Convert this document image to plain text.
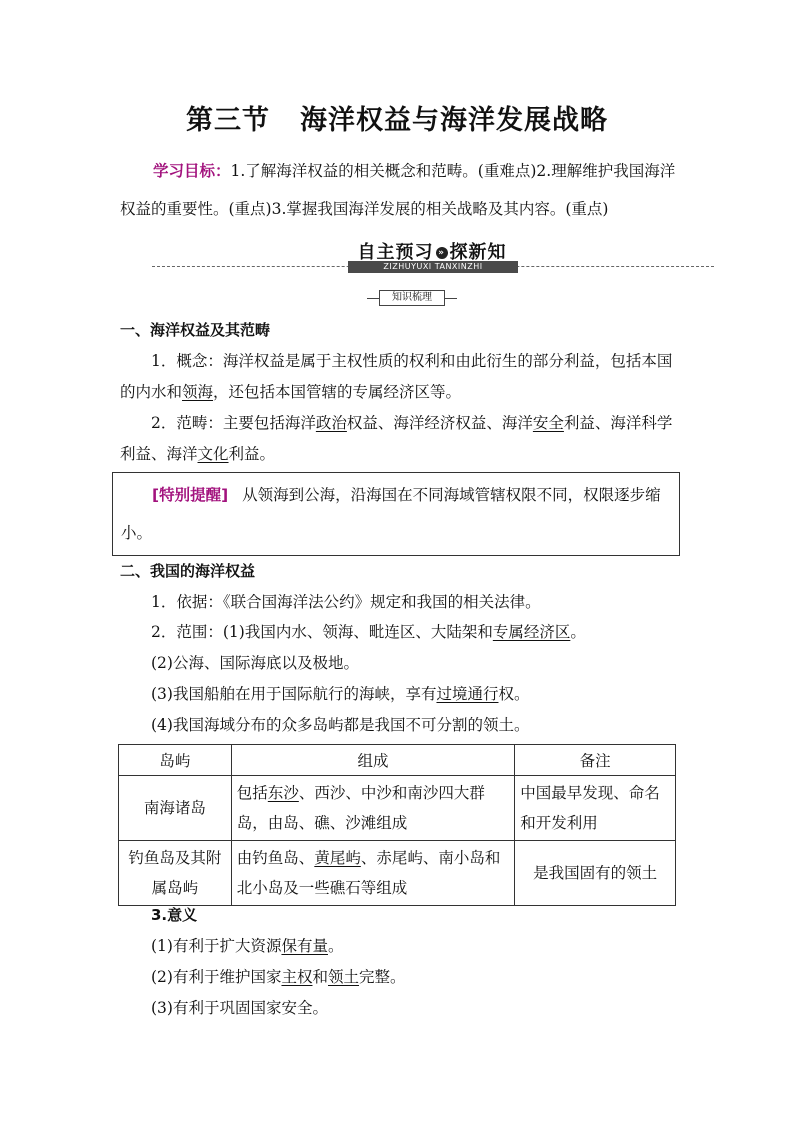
第三节 海洋权益与海洋发展战略
学习目标：1.了解海洋权益的相关概念和范畴。(重难点)2.理解维护我国海洋权益的重要性。(重点)3.掌握我国海洋发展的相关战略及其内容。(重点)
ZIZHUYUXI TANXINZHI
自主预习 » 探新知
知识梳理
一、海洋权益及其范畴
1．概念：海洋权益是属于主权性质的权利和由此衍生的部分利益，包括本国的内水和领海，还包括本国管辖的专属经济区等。
2．范畴：主要包括海洋政治权益、海洋经济权益、海洋安全利益、海洋科学利益、海洋文化利益。
[特别提醒] 从领海到公海，沿海国在不同海域管辖权限不同，权限逐步缩小。
二、我国的海洋权益
1．依据：《联合国海洋法公约》规定和我国的相关法律。
2．范围：(1)我国内水、领海、毗连区、大陆架和专属经济区。
(2)公海、国际海底以及极地。
(3)我国船舶在用于国际航行的海峡，享有过境通行权。
(4)我国海域分布的众多岛屿都是我国不可分割的领土。
岛屿	组成	备注
南海诸岛	包括东沙、西沙、中沙和南沙四大群岛，由岛、礁、沙滩组成	中国最早发现、命名和开发利用
钓鱼岛及其附属岛屿	由钓鱼岛、黄尾屿、赤尾屿、南小岛和北小岛及一些礁石等组成	是我国固有的领土
3.意义
(1)有利于扩大资源保有量。
(2)有利于维护国家主权和领土完整。
(3)有利于巩固国家安全。
